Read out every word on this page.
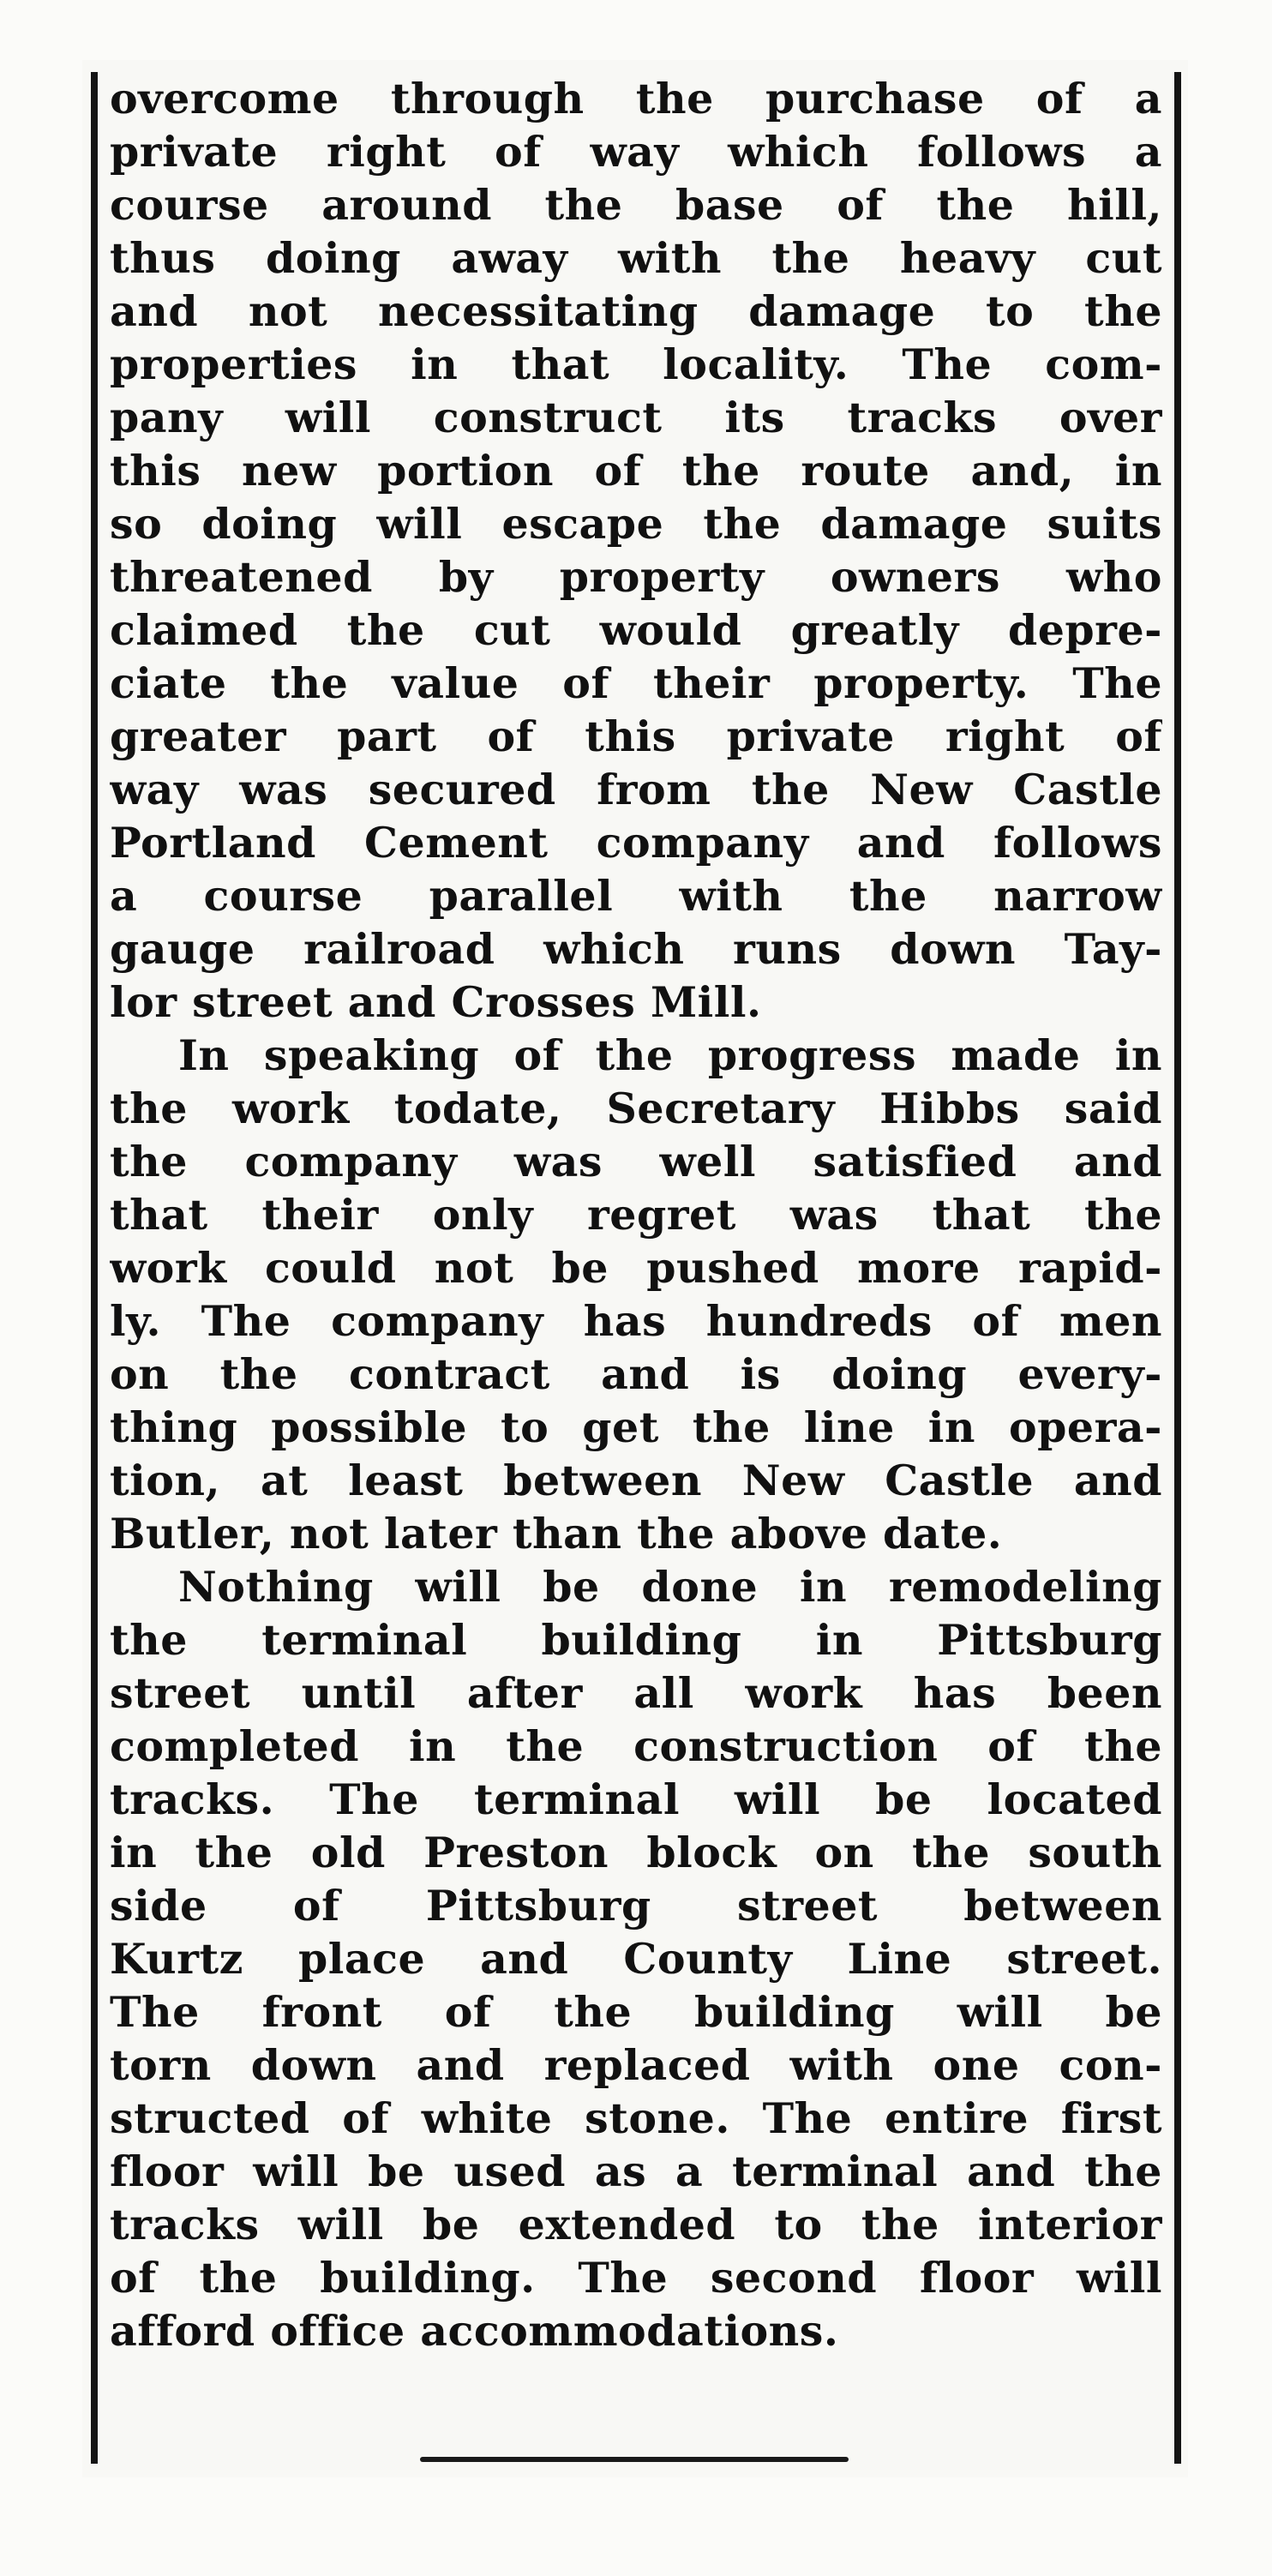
overcome through the purchase of a
private right of way which follows a
course around the base of the hill,
thus doing away with the heavy cut
and not necessitating damage to the
properties in that locality. The com-
pany will construct its tracks over
this new portion of the route and, in
so doing will escape the damage suits
threatened by property owners who
claimed the cut would greatly depre-
ciate the value of their property. The
greater part of this private right of
way was secured from the New Castle
Portland Cement company and follows
a course parallel with the narrow
gauge railroad which runs down Tay-
lor street and Crosses Mill.
In speaking of the progress made in
the work todate, Secretary Hibbs said
the company was well satisfied and
that their only regret was that the
work could not be pushed more rapid-
ly. The company has hundreds of men
on the contract and is doing every-
thing possible to get the line in opera-
tion, at least between New Castle and
Butler, not later than the above date.
Nothing will be done in remodeling
the terminal building in Pittsburg
street until after all work has been
completed in the construction of the
tracks. The terminal will be located
in the old Preston block on the south
side of Pittsburg street between
Kurtz place and County Line street.
The front of the building will be
torn down and replaced with one con-
structed of white stone. The entire first
floor will be used as a terminal and the
tracks will be extended to the interior
of the building. The second floor will
afford office accommodations.
